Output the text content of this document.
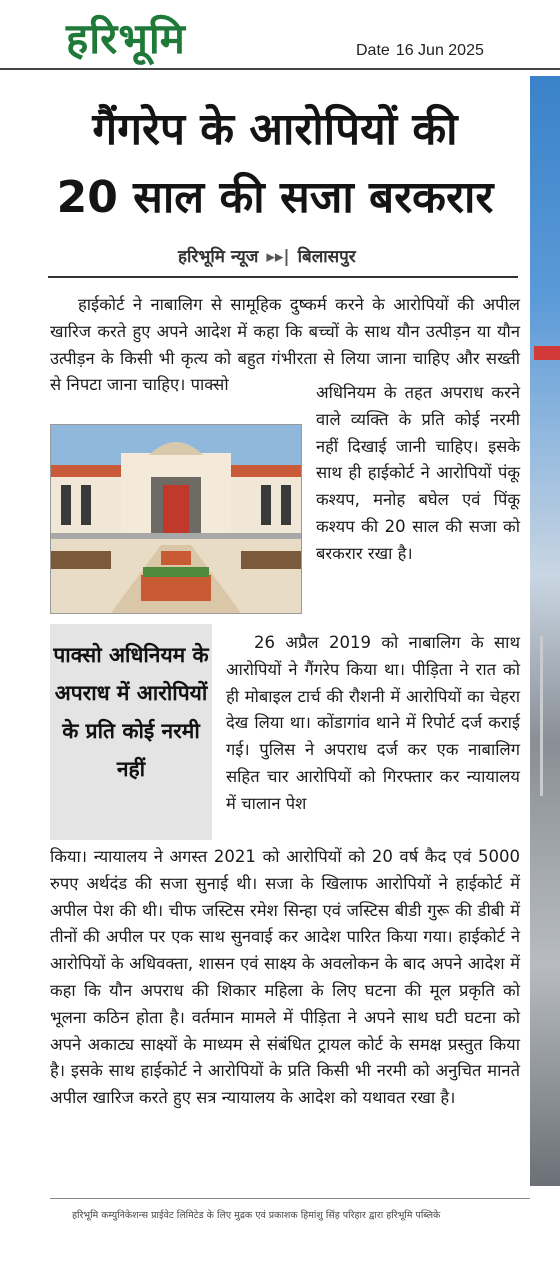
हरिभूमि	Date 16 Jun 2025
गैंगरेप के आरोपियों की
20 साल की सजा बरकरार
हरिभूमि न्यूज ▸▸| बिलासपुर

हाईकोर्ट ने नाबालिग से सामूहिक दुष्कर्म करने के आरोपियों की अपील खारिज करते हुए अपने आदेश में कहा कि बच्चों के साथ यौन उत्पीड़न या यौन उत्पीड़न के किसी भी कृत्य को बहुत गंभीरता से लिया जाना चाहिए और सख्ती से निपटा जाना चाहिए। पाक्सो	अधिनियम के तहत अपराध करने वाले व्यक्ति के प्रति कोई नरमी नहीं दिखाई जानी चाहिए। इसके साथ ही हाईकोर्ट ने आरोपियों पंकू कश्यप, मनोह बघेल एवं पिंकू कश्यप की 20 साल की सजा को बरकरार रखा है।

पाक्सो अधिनियम के अपराध में आरोपियों के प्रति कोई नरमी नहीं

26 अप्रैल 2019 को नाबालिग के साथ आरोपियों ने गैंगरेप किया था। पीड़िता ने रात को ही मोबाइल टार्च की रौशनी में आरोपियों का चेहरा देख लिया था। कोंडागांव थाने में रिपोर्ट दर्ज कराई गई। पुलिस ने अपराध दर्ज कर एक नाबालिग सहित चार आरोपियों को गिरफ्तार कर न्यायालय में चालान पेश

किया। न्यायालय ने अगस्त 2021 को आरोपियों को 20 वर्ष कैद एवं 5000 रुपए अर्थदंड की सजा सुनाई थी। सजा के खिलाफ आरोपियों ने हाईकोर्ट में अपील पेश की थी। चीफ जस्टिस रमेश सिन्हा एवं जस्टिस बीडी गुरू की डीबी में तीनों की अपील पर एक साथ सुनवाई कर आदेश पारित किया गया। हाईकोर्ट ने आरोपियों के अधिवक्ता, शासन एवं साक्ष्य के अवलोकन के बाद अपने आदेश में कहा कि यौन अपराध की शिकार महिला के लिए घटना की मूल प्रकृति को भूलना कठिन होता है। वर्तमान मामले में पीड़िता ने अपने साथ घटी घटना को अपने अकाट्य साक्ष्यों के माध्यम से संबंधित ट्रायल कोर्ट के समक्ष प्रस्तुत किया है। इसके साथ हाईकोर्ट ने आरोपियों के प्रति किसी भी नरमी को अनुचित मानते अपील खारिज करते हुए सत्र न्यायालय के आदेश को यथावत रखा है।

हरिभूमि कम्युनिकेशन्स प्राईवेट लिमिटेड के लिए मुद्रक एवं प्रकाशक हिमांशु सिंह परिहार द्वारा हरिभूमि पब्लिके
